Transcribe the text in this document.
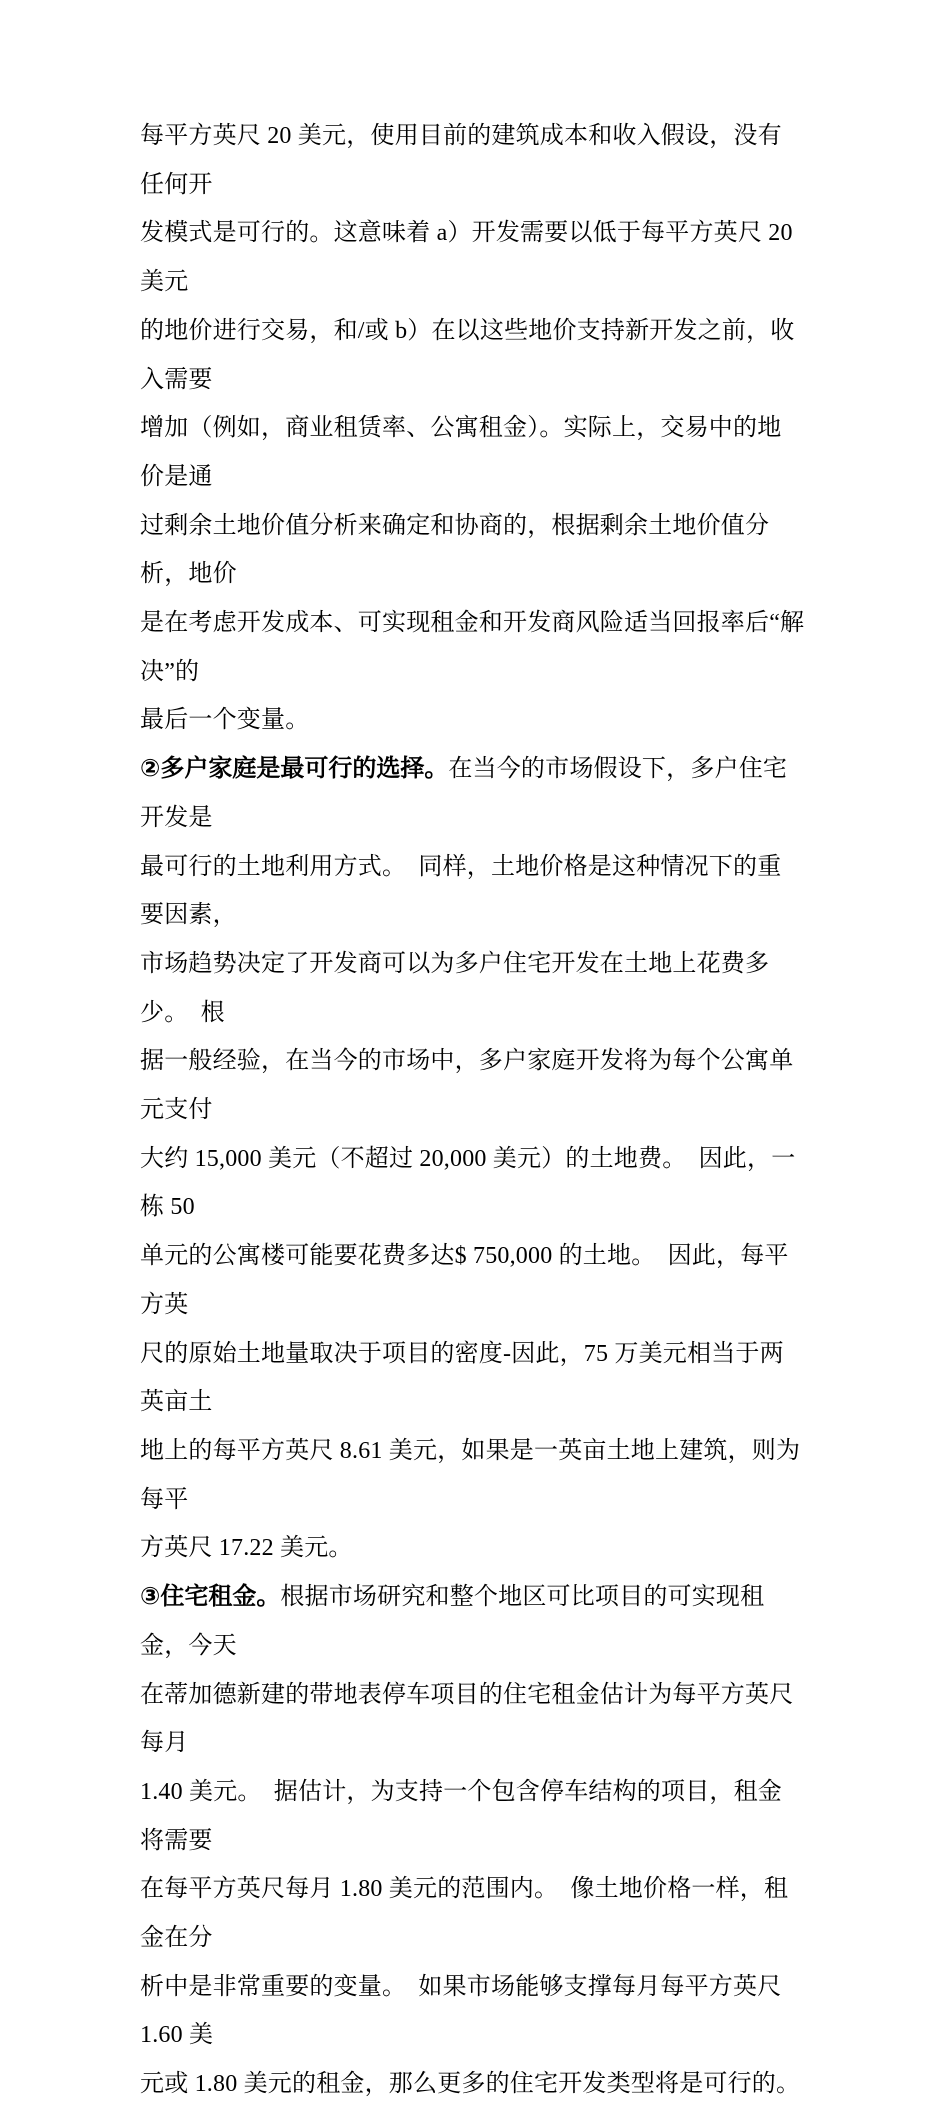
每平方英尺 20 美元，使用目前的建筑成本和收入假设，没有任何开
发模式是可行的。这意味着 a）开发需要以低于每平方英尺 20 美元
的地价进行交易，和/或 b）在以这些地价支持新开发之前，收入需要
增加（例如，商业租赁率、公寓租金）。实际上，交易中的地价是通
过剩余土地价值分析来确定和协商的，根据剩余土地价值分析，地价
是在考虑开发成本、可实现租金和开发商风险适当回报率后“解决”的
最后一个变量。
②多户家庭是最可行的选择。在当今的市场假设下，多户住宅开发是
最可行的土地利用方式。　同样，土地价格是这种情况下的重要因素，
市场趋势决定了开发商可以为多户住宅开发在土地上花费多少。　根
据一般经验，在当今的市场中，多户家庭开发将为每个公寓单元支付
大约 15,000 美元（不超过 20,000 美元）的土地费。　因此，一栋 50
单元的公寓楼可能要花费多达$ 750,000 的土地。　因此，每平方英
尺的原始土地量取决于项目的密度-因此，75 万美元相当于两英亩土
地上的每平方英尺 8.61 美元，如果是一英亩土地上建筑，则为每平
方英尺 17.22 美元。
③住宅租金。根据市场研究和整个地区可比项目的可实现租金，今天
在蒂加德新建的带地表停车项目的住宅租金估计为每平方英尺每月
1.40 美元。　据估计，为支持一个包含停车结构的项目，租金将需要
在每平方英尺每月 1.80 美元的范围内。　像土地价格一样，租金在分
析中是非常重要的变量。　如果市场能够支撑每月每平方英尺 1.60 美
元或 1.80 美元的租金，那么更多的住宅开发类型将是可行的。
